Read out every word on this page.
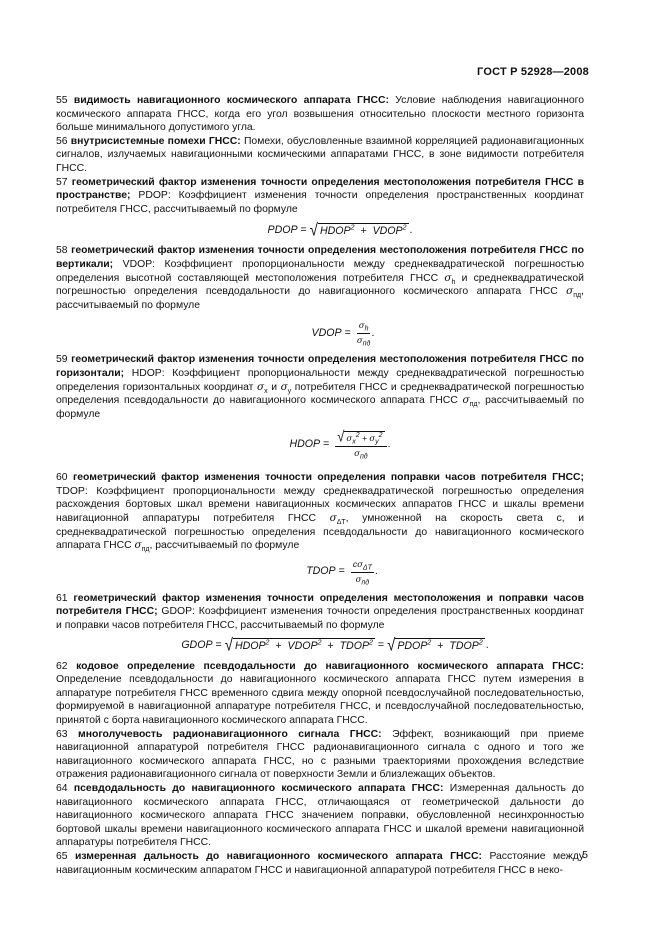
ГОСТ Р 52928—2008

55 видимость навигационного космического аппарата ГНСС: Условие наблюдения навигационного космического аппарата ГНСС, когда его угол возвышения относительно плоскости местного горизонта больше минимального допустимого угла.

56 внутрисистемные помехи ГНСС: Помехи, обусловленные взаимной корреляцией радионавигационных сигналов, излучаемых навигационными космическими аппаратами ГНСС, в зоне видимости потребителя ГНСС.

57 геометрический фактор изменения точности определения местоположения потребителя ГНСС в пространстве; PDOP: Коэффициент изменения точности определения пространственных координат потребителя ГНСС, рассчитываемый по формуле

PDOP = √ $HDOP^2$ + $VDOP^2$ .

58 геометрический фактор изменения точности определения местоположения потребителя ГНСС по вертикали; VDOP: Коэффициент пропорциональности между среднеквадратической погрешностью определения высотной составляющей местоположения потребителя ГНСС $\sigma_h$ и среднеквадратической погрешностью определения псевдодальности до навигационного космического аппарата ГНСС $\sigma_{пд}$, рассчитываемый по формуле

VDOP = $\frac{\sigma_h}{\sigma_{пд}}$ .

59 геометрический фактор изменения точности определения местоположения потребителя ГНСС по горизонтали; HDOP: Коэффициент пропорциональности между среднеквадратической погрешностью определения горизонтальных координат $\sigma_x$ и $\sigma_y$ потребителя ГНСС и среднеквадратической погрешностью определения псевдодальности до навигационного космического аппарата ГНСС $\sigma_{пд}$, рассчитываемый по формуле

HDOP = √ $\sigma_x^2 + \sigma_y^2$
$\sigma_{пд}$
.

60 геометрический фактор изменения точности определения поправки часов потребителя ГНСС; TDOP: Коэффициент пропорциональности между среднеквадратической погрешностью определения расхождения бортовых шкал времени навигационных космических аппаратов ГНСС и шкалы времени навигационной аппаратуры потребителя ГНСС $\sigma_{\Delta T}$, умноженной на скорость света с, и среднеквадратической погрешностью определения псевдодальности до навигационного космического аппарата ГНСС $\sigma_{пд}$, рассчитываемый по формуле

TDOP = $\frac{c\sigma_{\Delta T}}{\sigma_{пд}}$ .

61 геометрический фактор изменения точности определения местоположения и поправки часов потребителя ГНСС; GDOP: Коэффициент изменения точности определения пространственных координат и поправки часов потребителя ГНСС, рассчитываемый по формуле

GDOP = √ $HDOP^2$ + $VDOP^2$ + $TDOP^2$ = √ $PDOP^2$ + $TDOP^2$ .

62 кодовое определение псевдодальности до навигационного космического аппарата ГНСС: Определение псевдодальности до навигационного космического аппарата ГНСС путем измерения в аппаратуре потребителя ГНСС временного сдвига между опорной псевдослучайной последовательностью, формируемой в навигационной аппаратуре потребителя ГНСС, и псевдослучайной последовательностью, принятой с борта навигационного космического аппарата ГНСС.

63 многолучевость радионавигационного сигнала ГНСС: Эффект, возникающий при приеме навигационной аппаратурой потребителя ГНСС радионавигационного сигнала с одного и того же навигационного космического аппарата ГНСС, но с разными траекториями прохождения вследствие отражения радионавигационного сигнала от поверхности Земли и близлежащих объектов.

64 псевдодальность до навигационного космического аппарата ГНСС: Измеренная дальность до навигационного космического аппарата ГНСС, отличающаяся от геометрической дальности до навигационного космического аппарата ГНСС значением поправки, обусловленной несинхронностью бортовой шкалы времени навигационного космического аппарата ГНСС и шкалой времени навигационной аппаратуры потребителя ГНСС.

65 измеренная дальность до навигационного космического аппарата ГНСС: Расстояние между навигационным космическим аппаратом ГНСС и навигационной аппаратурой потребителя ГНСС в неко-

5
